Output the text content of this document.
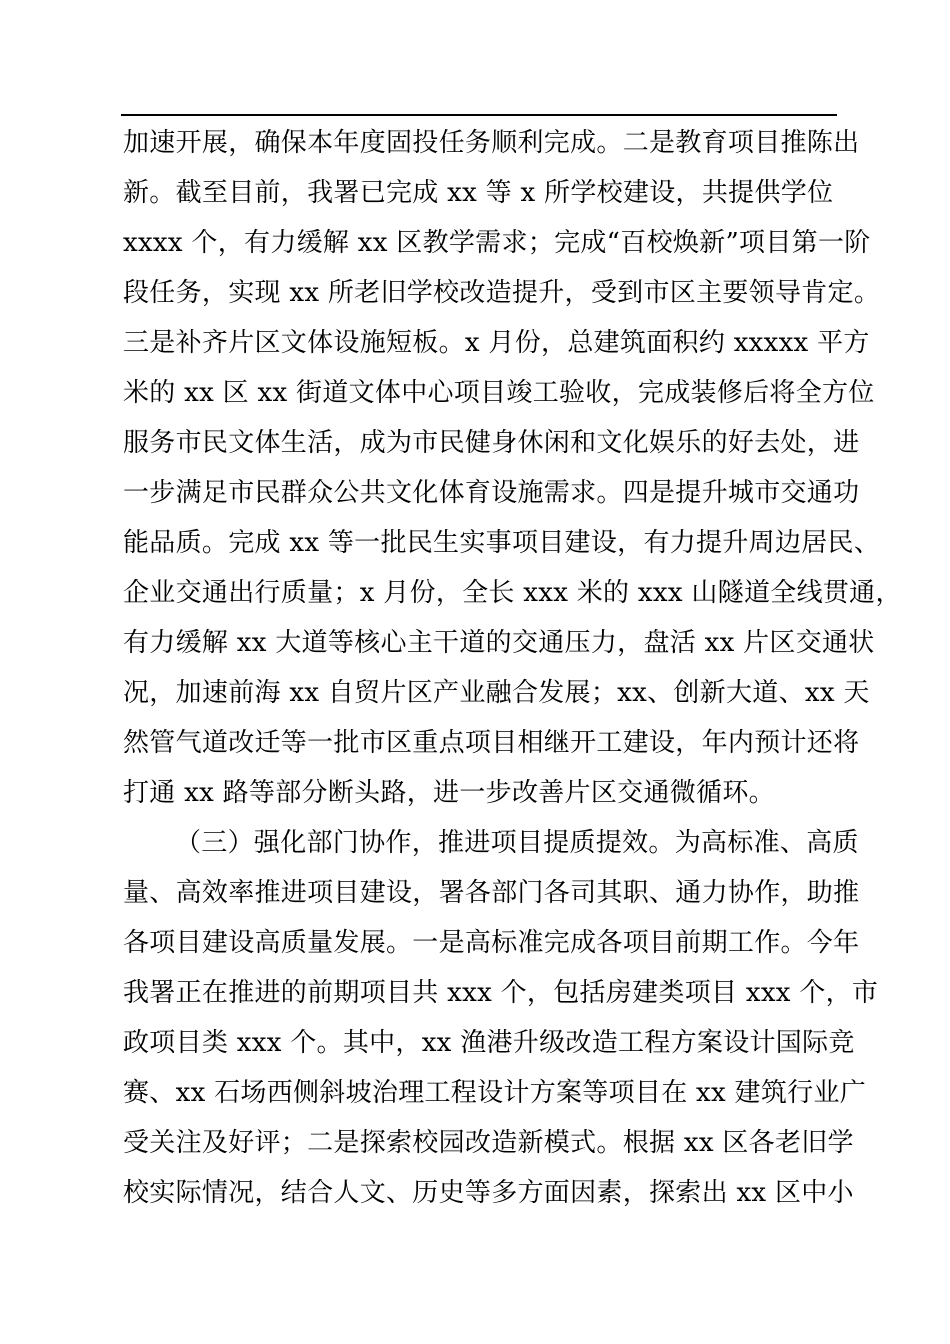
加速开展，确保本年度固投任务顺利完成。二是教育项目推陈出
新。截至目前，我署已完成 xx 等 x 所学校建设，共提供学位
xxxx 个，有力缓解 xx 区教学需求；完成“百校焕新”项目第一阶
段任务，实现 xx 所老旧学校改造提升，受到市区主要领导肯定。
三是补齐片区文体设施短板。x 月份，总建筑面积约 xxxxx 平方
米的 xx 区 xx 街道文体中心项目竣工验收，完成装修后将全方位
服务市民文体生活，成为市民健身休闲和文化娱乐的好去处，进
一步满足市民群众公共文化体育设施需求。四是提升城市交通功
能品质。完成 xx 等一批民生实事项目建设，有力提升周边居民、
企业交通出行质量；x 月份，全长 xxx 米的 xxx 山隧道全线贯通，
有力缓解 xx 大道等核心主干道的交通压力，盘活 xx 片区交通状
况，加速前海 xx 自贸片区产业融合发展；xx、创新大道、xx 天
然管气道改迁等一批市区重点项目相继开工建设，年内预计还将
打通 xx 路等部分断头路，进一步改善片区交通微循环。
（三）强化部门协作，推进项目提质提效。为高标准、高质
量、高效率推进项目建设，署各部门各司其职、通力协作，助推
各项目建设高质量发展。一是高标准完成各项目前期工作。今年
我署正在推进的前期项目共 xxx 个，包括房建类项目 xxx 个，市
政项目类 xxx 个。其中，xx 渔港升级改造工程方案设计国际竞
赛、xx 石场西侧斜坡治理工程设计方案等项目在 xx 建筑行业广
受关注及好评；二是探索校园改造新模式。根据 xx 区各老旧学
校实际情况，结合人文、历史等多方面因素，探索出 xx 区中小
